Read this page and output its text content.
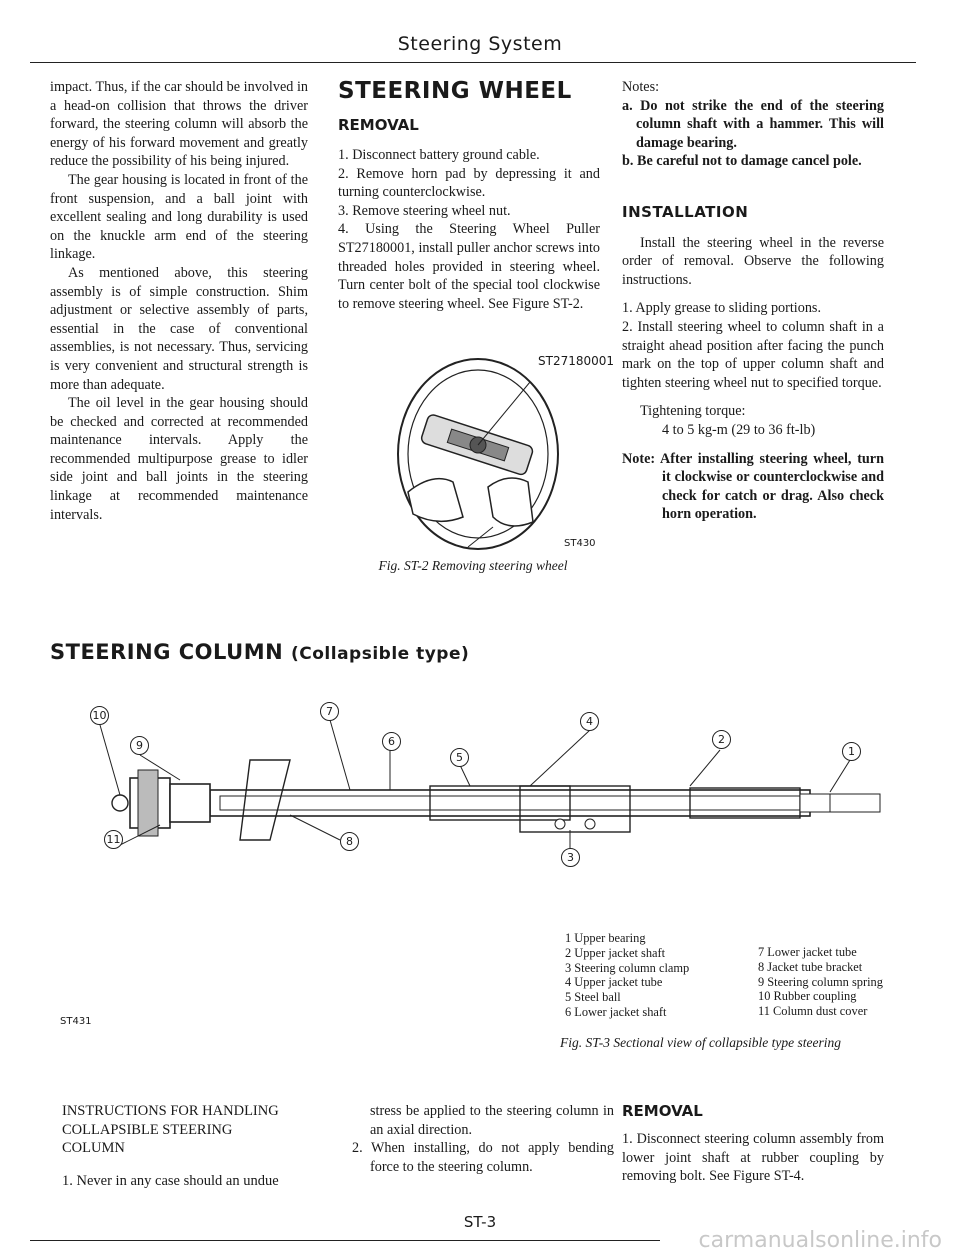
Steering System

impact. Thus, if the car should be involved in a head-on collision that throws the driver forward, the steering column will absorb the energy of his forward movement and greatly reduce the possibility of his being injured.

The gear housing is located in front of the front suspension, and a ball joint with excellent sealing and long durability is used on the knuckle arm end of the steering linkage.

As mentioned above, this steering assembly is of simple construction. Shim adjustment or selective assembly of parts, essential in the case of conventional assemblies, is not necessary. Thus, servicing is very convenient and structural strength is more than adequate.

The oil level in the gear housing should be checked and corrected at recommended maintenance intervals. Apply the recommended multipurpose grease to idler side joint and ball joints in the steering linkage at recommended maintenance intervals.

STEERING WHEEL
REMOVAL

1. Disconnect battery ground cable.

2. Remove horn pad by depressing it and turning counterclockwise.

3. Remove steering wheel nut.

4. Using the Steering Wheel Puller ST27180001, install puller anchor screws into threaded holes provided in steering wheel. Turn center bolt of the special tool clockwise to remove steering wheel. See Figure ST-2.

ST27180001
ST430
Fig. ST-2 Removing steering wheel

Notes:

a. Do not strike the end of the steering column shaft with a hammer. This will damage bearing.

b. Be careful not to damage cancel pole.

INSTALLATION

Install the steering wheel in the reverse order of removal. Observe the following instructions.

1. Apply grease to sliding portions.

2. Install steering wheel to column shaft in a straight ahead position after facing the punch mark on the top of upper column shaft and tighten steering wheel nut to specified torque.

Tightening torque:

4 to 5 kg-m (29 to 36 ft-lb)

Note: After installing steering wheel, turn it clockwise or counterclockwise and check for catch or drag. Also check horn operation.

STEERING COLUMN (Collapsible type)
10
9
7
6
5
4
2
1
8
11
3
ST431
1 Upper bearing
2 Upper jacket shaft
3 Steering column clamp
4 Upper jacket tube
5 Steel ball
6 Lower jacket shaft
7 Lower jacket tube
8 Jacket tube bracket
9 Steering column spring
10 Rubber coupling
11 Column dust cover
Fig. ST-3 Sectional view of collapsible type steering

INSTRUCTIONS FOR HANDLING

COLLAPSIBLE STEERING

COLUMN

1. Never in any case should an undue

stress be applied to the steering column in an axial direction.

2. When installing, do not apply bending force to the steering column.

REMOVAL

1. Disconnect steering column assembly from lower joint shaft at rubber coupling by removing bolt. See Figure ST-4.

ST-3
carmanualsonline.info
